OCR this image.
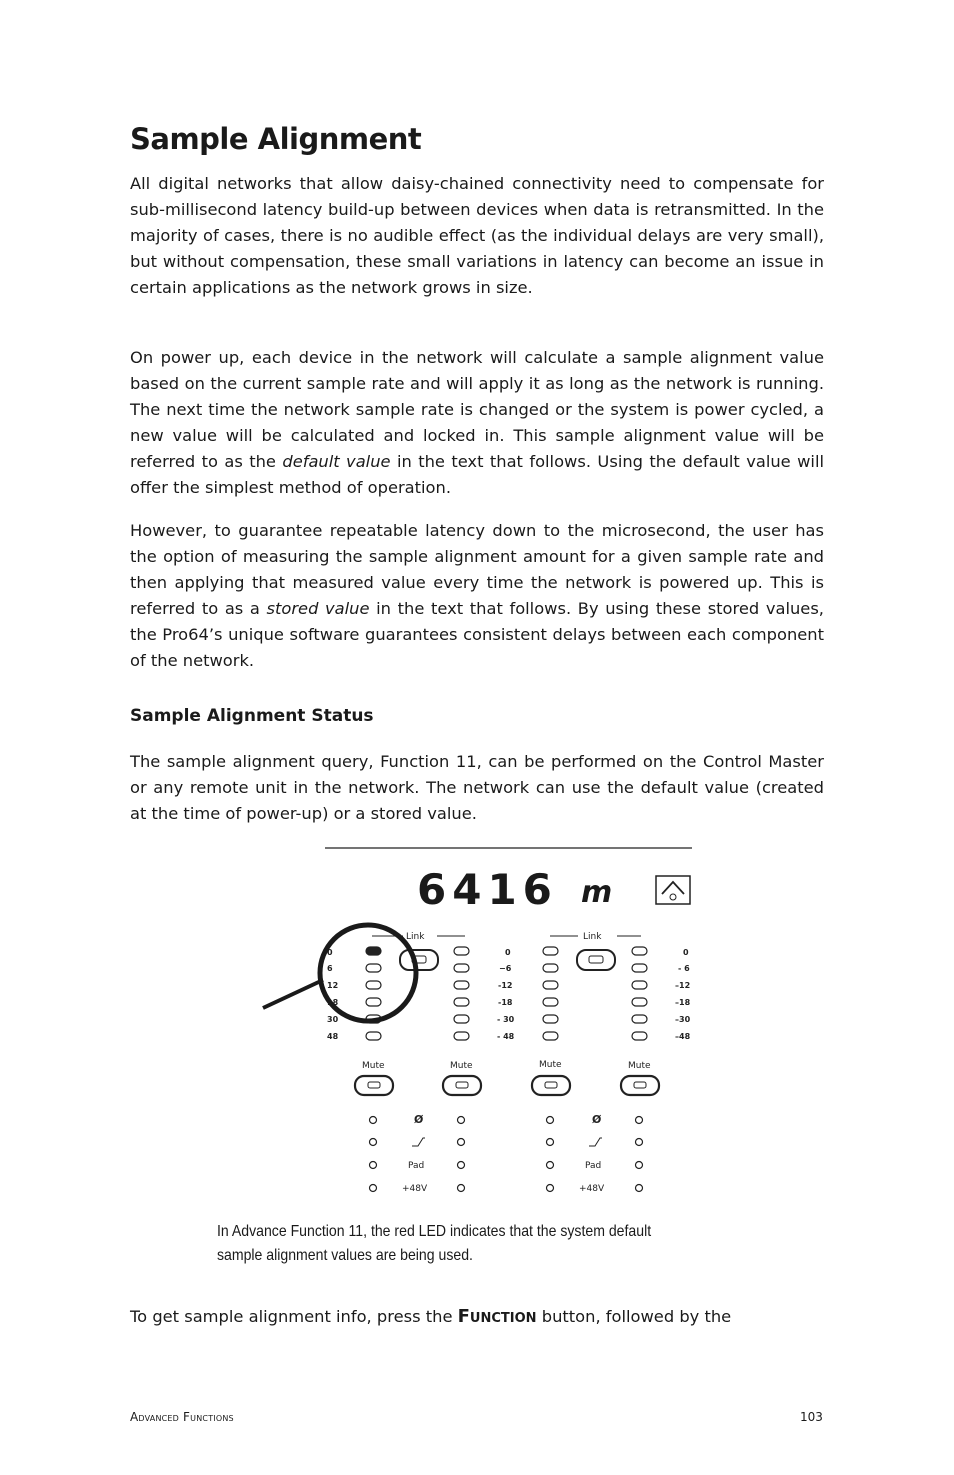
Sample Alignment

All digital networks that allow daisy-chained connectivity need to compensate for sub-millisecond latency build-up between devices when data is retransmitted. In the majority of cases, there is no audible effect (as the individual delays are very small), but without compensation, these small variations in latency can become an issue in certain applications as the network grows in size.

On power up, each device in the network will calculate a sample alignment value based on the current sample rate and will apply it as long as the network is running. The next time the network sample rate is changed or the system is power cycled, a new value will be calculated and locked in. This sample alignment value will be referred to as the default value in the text that follows. Using the default value will offer the simplest method of operation.

However, to guarantee repeatable latency down to the microsecond, the user has the option of measuring the sample alignment amount for a given sample rate and then applying that measured value every time the network is powered up. This is referred to as a stored value in the text that follows. By using these stored values, the Pro64’s unique software guarantees consistent delays between each component of the network.

Sample Alignment Status

The sample alignment query, Function 11, can be performed on the Control Master or any remote unit in the network. The network can use the default value (created at the time of power-up) or a stored value.

6416 m
Link	Link
0
6
12
18
30
48
0
−6
-12
-18
- 30
- 48
0
- 6
–12
–18
–30
–48
Mute	Mute	Mute	Mute
Ø	Ø
Pad	Pad
+48V	+48V

In Advance Function 11, the red LED indicates that the system default sample alignment values are being used.

To get sample alignment info, press the Function button, followed by the

Advanced Functions	103
